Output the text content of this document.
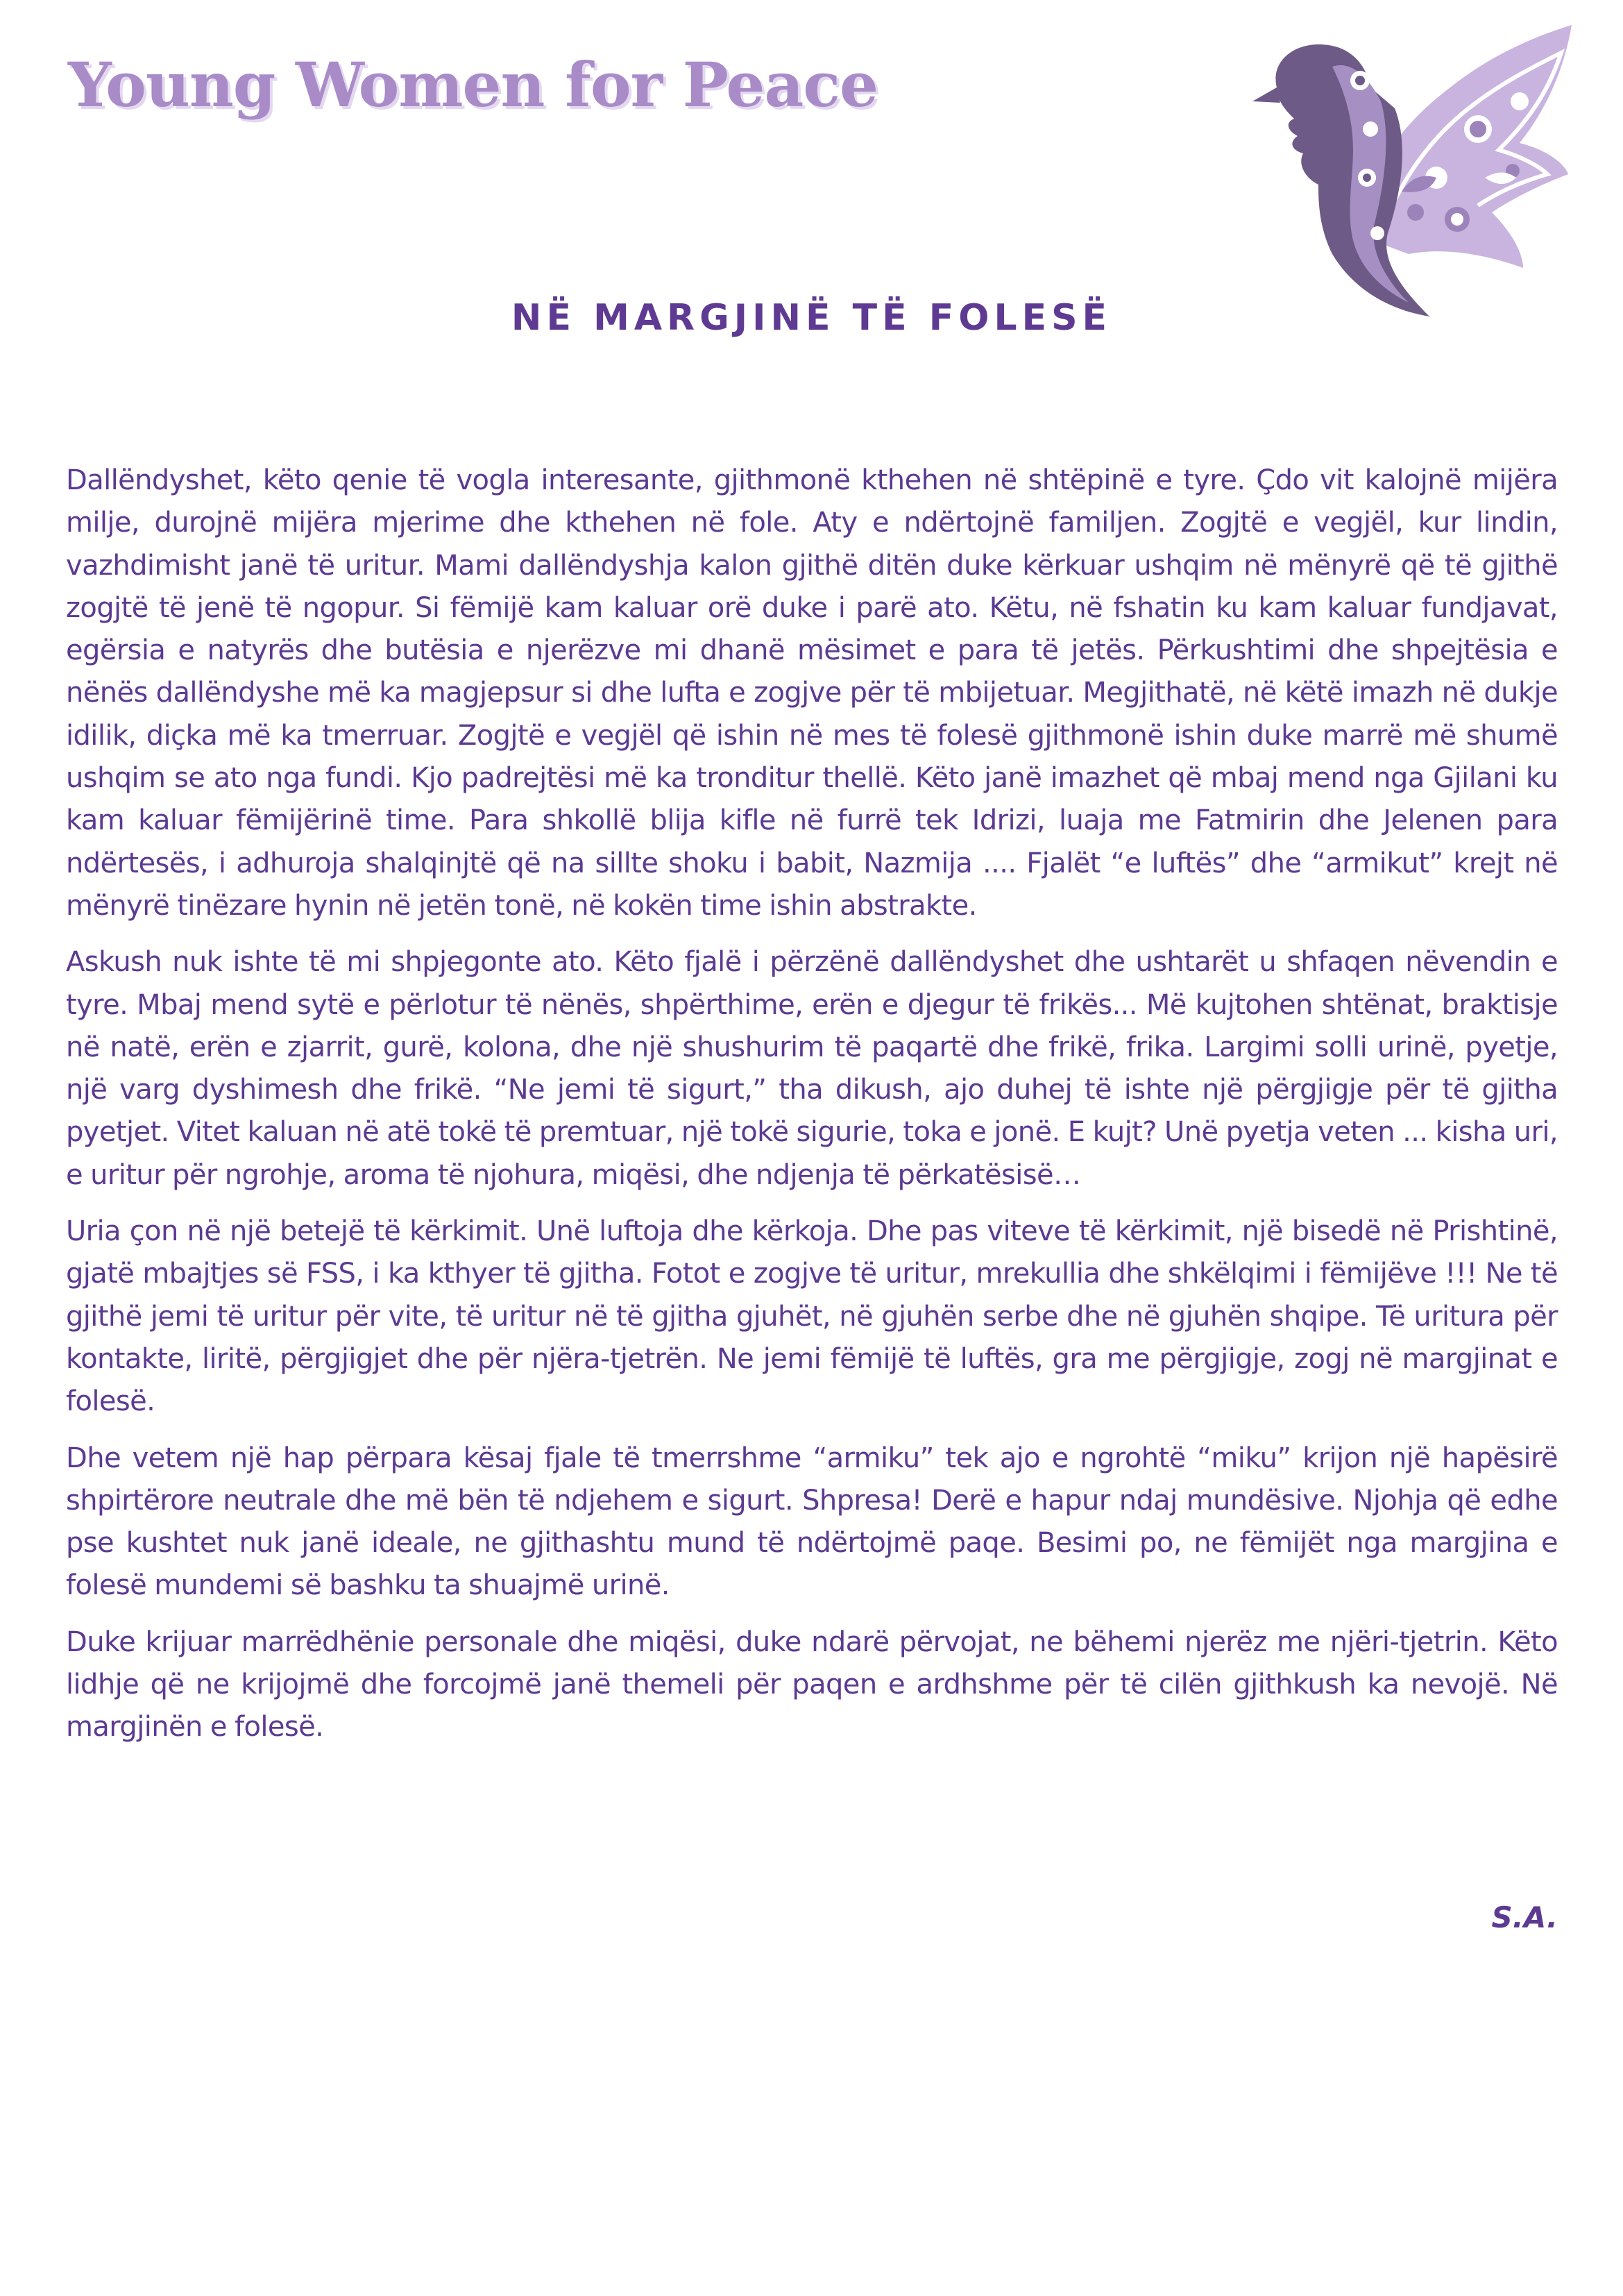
Young Women for Peace
NË MARGJINË TË FOLESË

Dallëndyshet, këto qenie të vogla interesante, gjithmonë kthehen në shtëpinë e tyre. Çdo vit kalojnë mijëra milje, durojnë mijëra mjerime dhe kthehen në fole. Aty e ndërtojnë familjen. Zogjtë e vegjël, kur lindin, vazhdimisht janë të uritur. Mami dallëndyshja kalon gjithë ditën duke kërkuar ushqim në mënyrë që të gjithë zogjtë të jenë të ngopur. Si fëmijë kam kaluar orë duke i parë ato. Këtu, në fshatin ku kam kaluar fundjavat, egërsia e natyrës dhe butësia e njerëzve mi dhanë mësimet e para të jetës. Përkushtimi dhe shpejtësia e nënës dallëndyshe më ka magjepsur si dhe lufta e zogjve për të mbijetuar. Megjithatë, në këtë imazh në dukje idilik, diçka më ka tmerruar. Zogjtë e vegjël që ishin në mes të folesë gjithmonë ishin duke marrë më shumë ushqim se ato nga fundi. Kjo padrejtësi më ka tronditur thellë. Këto janë imazhet që mbaj mend nga Gjilani ku kam kaluar fëmijërinë time. Para shkollë blija kifle në furrë tek Idrizi, luaja me Fatmirin dhe Jelenen para ndërtesës, i adhuroja shalqinjtë që na sillte shoku i babit, Nazmija .... Fjalët “e luftës” dhe “armikut” krejt në mënyrë tinëzare hynin në jetën tonë, në kokën time ishin abstrakte.

Askush nuk ishte të mi shpjegonte ato. Këto fjalë i përzënë dallëndyshet dhe ushtarët u shfaqen nëvendin e tyre. Mbaj mend sytë e përlotur të nënës, shpërthime, erën e djegur të frikës... Më kujtohen shtënat, braktisje në natë, erën e zjarrit, gurë, kolona, dhe një shushurim të paqartë dhe frikë, frika. Largimi solli urinë, pyetje, një varg dyshimesh dhe frikë. “Ne jemi të sigurt,” tha dikush, ajo duhej të ishte një përgjigje për të gjitha pyetjet. Vitet kaluan në atë tokë të premtuar, një tokë sigurie, toka e jonë. E kujt? Unë pyetja veten ... kisha uri, e uritur për ngrohje, aroma të njohura, miqësi, dhe ndjenja të përkatësisë…

Uria çon në një betejë të kërkimit. Unë luftoja dhe kërkoja. Dhe pas viteve të kërkimit, një bisedë në Prishtinë, gjatë mbajtjes së FSS, i ka kthyer të gjitha. Fotot e zogjve të uritur, mrekullia dhe shkëlqimi i fëmijëve !!! Ne të gjithë jemi të uritur për vite, të uritur në të gjitha gjuhët, në gjuhën serbe dhe në gjuhën shqipe. Të uritura për kontakte, liritë, përgjigjet dhe për njëra-tjetrën. Ne jemi fëmijë të luftës, gra me përgjigje, zogj në margjinat e folesë.

Dhe vetem një hap përpara kësaj fjale të tmerrshme “armiku” tek ajo e ngrohtë “miku” krijon një hapësirë shpirtërore neutrale dhe më bën të ndjehem e sigurt. Shpresa! Derë e hapur ndaj mundësive. Njohja që edhe pse kushtet nuk janë ideale, ne gjithashtu mund të ndërtojmë paqe. Besimi po, ne fëmijët nga margjina e folesë mundemi së bashku ta shuajmë urinë.

Duke krijuar marrëdhënie personale dhe miqësi, duke ndarë përvojat, ne bëhemi njerëz me njëri-tjetrin. Këto lidhje që ne krijojmë dhe forcojmë janë themeli për paqen e ardhshme për të cilën gjithkush ka nevojë. Në margjinën e folesë.

S.A.
